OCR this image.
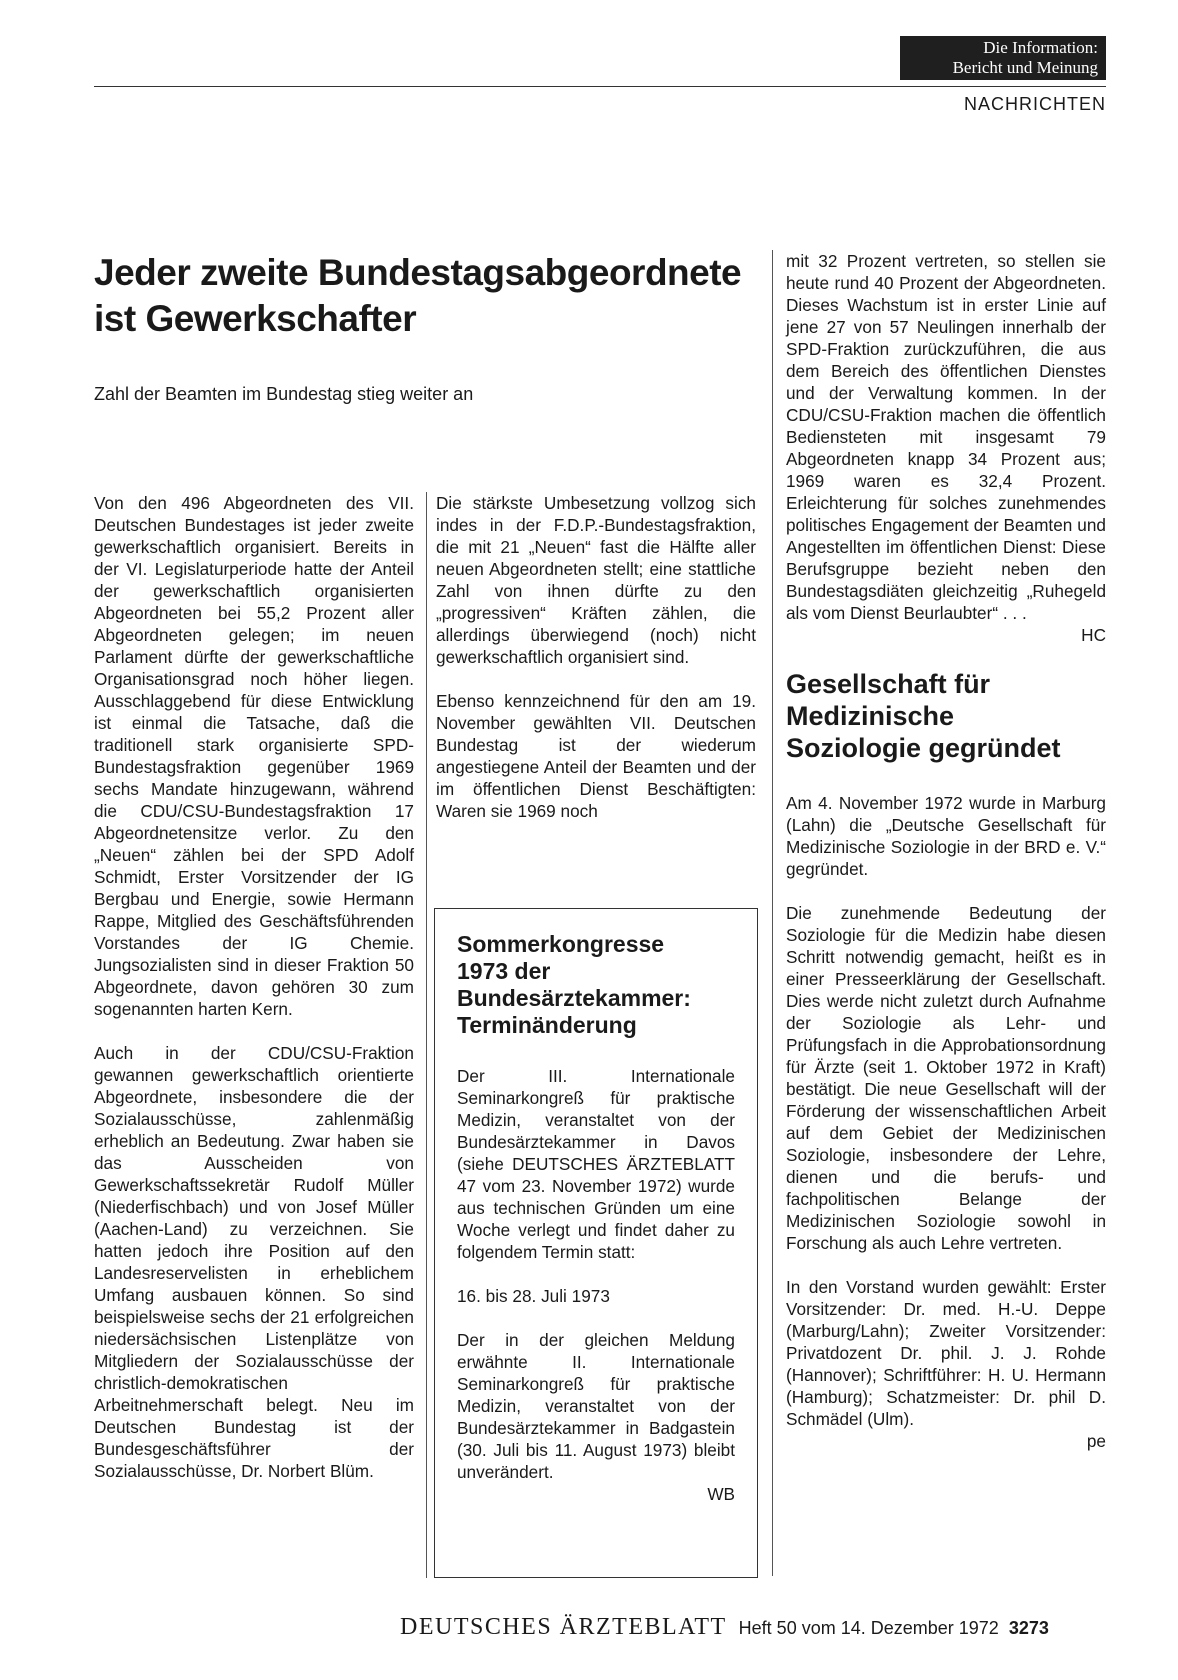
Die Information:
Bericht und Meinung
NACHRICHTEN
Jeder zweite Bundestagsabgeordnete
ist Gewerkschafter
Zahl der Beamten im Bundestag stieg weiter an

Von den 496 Abgeordneten des VII. Deutschen Bundestages ist jeder zweite gewerkschaftlich organisiert. Bereits in der VI. Legislaturperiode hatte der Anteil der gewerkschaftlich organisierten Abgeordneten bei 55,2 Prozent aller Abgeordneten gelegen; im neuen Parlament dürfte der gewerkschaftliche Organisationsgrad noch höher liegen. Ausschlaggebend für diese Entwicklung ist einmal die Tatsache, daß die traditionell stark organisierte SPD-Bundestagsfraktion gegenüber 1969 sechs Mandate hinzugewann, während die CDU/CSU-Bundestagsfraktion 17 Abgeordnetensitze verlor. Zu den „Neuen“ zählen bei der SPD Adolf Schmidt, Erster Vorsitzender der IG Bergbau und Energie, sowie Hermann Rappe, Mitglied des Geschäftsführenden Vorstandes der IG Chemie. Jungsozialisten sind in dieser Fraktion 50 Abgeordnete, davon gehören 30 zum sogenannten harten Kern.

Auch in der CDU/CSU-Fraktion gewannen gewerkschaftlich orientierte Abgeordnete, insbesondere die der Sozialausschüsse, zahlenmäßig erheblich an Bedeutung. Zwar haben sie das Ausscheiden von Gewerkschaftssekretär Rudolf Müller (Niederfischbach) und von Josef Müller (Aachen-Land) zu verzeichnen. Sie hatten jedoch ihre Position auf den Landesreservelisten in erheblichem Umfang ausbauen können. So sind beispielsweise sechs der 21 erfolgreichen niedersächsischen Listenplätze von Mitgliedern der Sozialausschüsse der christlich-demokratischen Arbeitnehmerschaft belegt. Neu im Deutschen Bundestag ist der Bundesgeschäftsführer der Sozialausschüsse, Dr. Norbert Blüm.

Die stärkste Umbesetzung vollzog sich indes in der F.D.P.-Bundestagsfraktion, die mit 21 „Neuen“ fast die Hälfte aller neuen Abgeordneten stellt; eine stattliche Zahl von ihnen dürfte zu den „progressiven“ Kräften zählen, die allerdings überwiegend (noch) nicht gewerkschaftlich organisiert sind.

Ebenso kennzeichnend für den am 19. November gewählten VII. Deutschen Bundestag ist der wiederum angestiegene Anteil der Beamten und der im öffentlichen Dienst Beschäftigten: Waren sie 1969 noch

Sommerkongresse
1973 der
Bundesärztekammer:
Terminänderung

Der III. Internationale Seminarkongreß für praktische Medizin, veranstaltet von der Bundesärztekammer in Davos (siehe DEUTSCHES ÄRZTEBLATT 47 vom 23. November 1972) wurde aus technischen Gründen um eine Woche verlegt und findet daher zu folgendem Termin statt:

16. bis 28. Juli 1973

Der in der gleichen Meldung erwähnte II. Internationale Seminarkongreß für praktische Medizin, veranstaltet von der Bundesärztekammer in Badgastein (30. Juli bis 11. August 1973) bleibt unverändert.

WB

mit 32 Prozent vertreten, so stellen sie heute rund 40 Prozent der Abgeordneten. Dieses Wachstum ist in erster Linie auf jene 27 von 57 Neulingen innerhalb der SPD-Fraktion zurückzuführen, die aus dem Bereich des öffentlichen Dienstes und der Verwaltung kommen. In der CDU/CSU-Fraktion machen die öffentlich Bediensteten mit insgesamt 79 Abgeordneten knapp 34 Prozent aus; 1969 waren es 32,4 Prozent. Erleichterung für solches zunehmendes politisches Engagement der Beamten und Angestellten im öffentlichen Dienst: Diese Berufsgruppe bezieht neben den Bundestagsdiäten gleichzeitig „Ruhegeld als vom Dienst Beurlaubter“ . . .

HC
Gesellschaft für
Medizinische
Soziologie gegründet

Am 4. November 1972 wurde in Marburg (Lahn) die „Deutsche Gesellschaft für Medizinische Soziologie in der BRD e. V.“ gegründet.

Die zunehmende Bedeutung der Soziologie für die Medizin habe diesen Schritt notwendig gemacht, heißt es in einer Presseerklärung der Gesellschaft. Dies werde nicht zuletzt durch Aufnahme der Soziologie als Lehr- und Prüfungsfach in die Approbationsordnung für Ärzte (seit 1. Oktober 1972 in Kraft) bestätigt. Die neue Gesellschaft will der Förderung der wissenschaftlichen Arbeit auf dem Gebiet der Medizinischen Soziologie, insbesondere der Lehre, dienen und die berufs- und fachpolitischen Belange der Medizinischen Soziologie sowohl in Forschung als auch Lehre vertreten.

In den Vorstand wurden gewählt: Erster Vorsitzender: Dr. med. H.-U. Deppe (Marburg/Lahn); Zweiter Vorsitzender: Privatdozent Dr. phil. J. J. Rohde (Hannover); Schriftführer: H. U. Hermann (Hamburg); Schatzmeister: Dr. phil D. Schmädel (Ulm).

pe
DEUTSCHES ÄRZTEBLATT Heft 50 vom 14. Dezember 1972 3273
